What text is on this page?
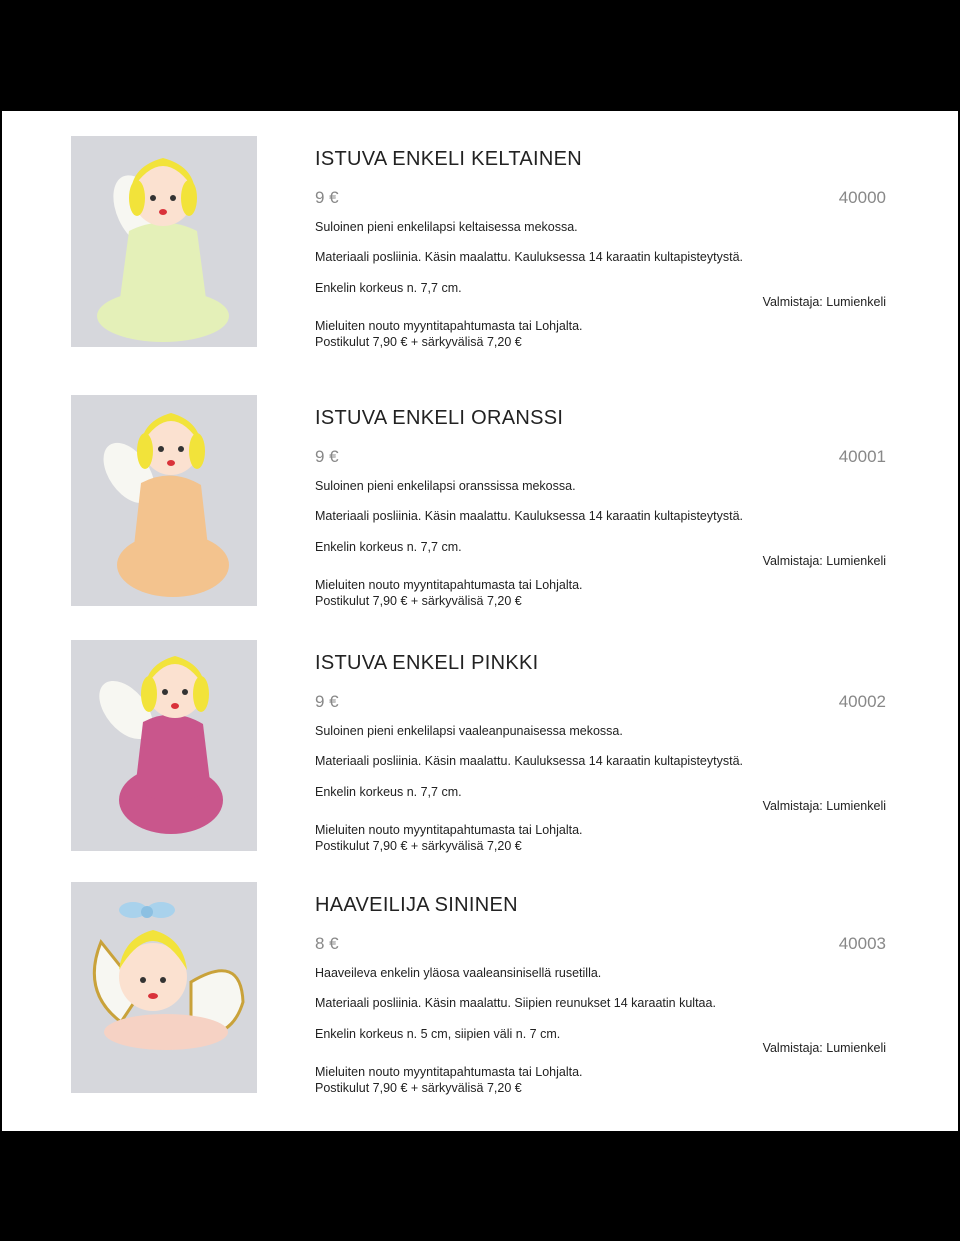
ISTUVA ENKELI KELTAINEN
9 €	40000
Suloinen pieni enkelilapsi keltaisessa mekossa.
Materiaali posliinia. Käsin maalattu. Kauluksessa 14 karaatin kultapisteytystä.
Enkelin korkeus n. 7,7 cm.
Valmistaja: Lumienkeli
Mieluiten nouto myyntitapahtumasta tai Lohjalta.
Postikulut 7,90 € + särkyvälisä 7,20 €
ISTUVA ENKELI ORANSSI
9 €	40001
Suloinen pieni enkelilapsi oranssissa mekossa.
Materiaali posliinia. Käsin maalattu. Kauluksessa 14 karaatin kultapisteytystä.
Enkelin korkeus n. 7,7 cm.
Valmistaja: Lumienkeli
Mieluiten nouto myyntitapahtumasta tai Lohjalta.
Postikulut 7,90 € + särkyvälisä 7,20 €
ISTUVA ENKELI PINKKI
9 €	40002
Suloinen pieni enkelilapsi vaaleanpunaisessa mekossa.
Materiaali posliinia. Käsin maalattu. Kauluksessa 14 karaatin kultapisteytystä.
Enkelin korkeus n. 7,7 cm.
Valmistaja: Lumienkeli
Mieluiten nouto myyntitapahtumasta tai Lohjalta.
Postikulut 7,90 € + särkyvälisä 7,20 €
HAAVEILIJA SININEN
8 €	40003
Haaveileva enkelin yläosa vaaleansinisellä rusetilla.
Materiaali posliinia. Käsin maalattu. Siipien reunukset 14 karaatin kultaa.
Enkelin korkeus n. 5 cm, siipien väli n. 7 cm.
Valmistaja: Lumienkeli
Mieluiten nouto myyntitapahtumasta tai Lohjalta.
Postikulut 7,90 € + särkyvälisä 7,20 €
